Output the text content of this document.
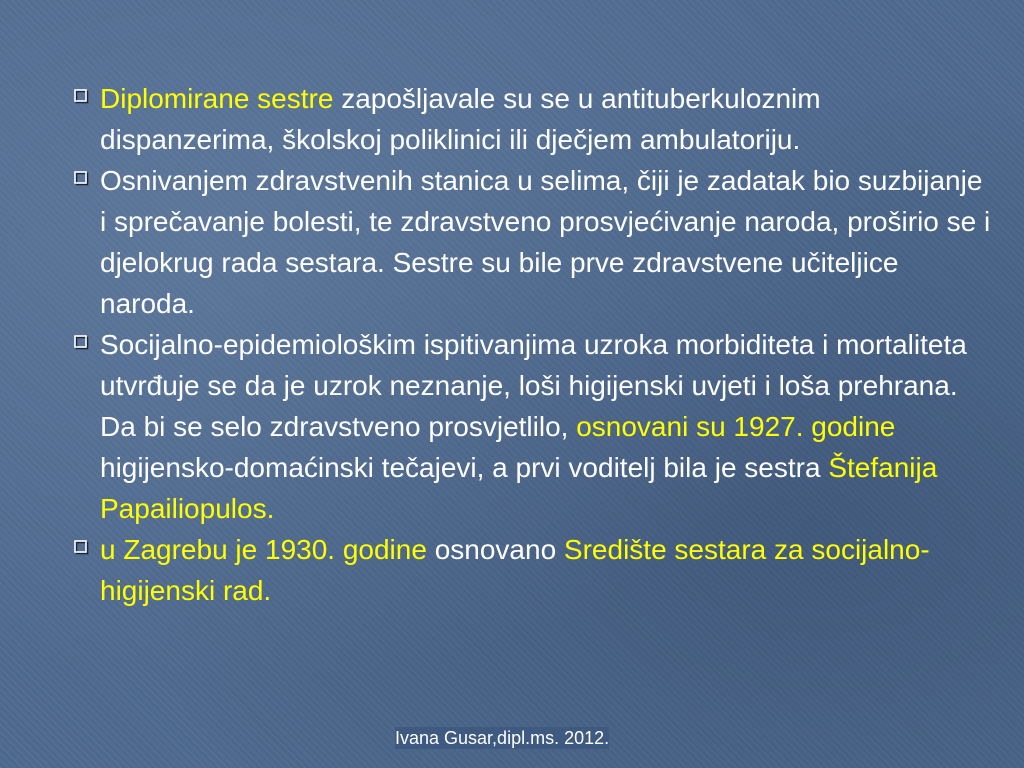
Diplomirane sestre zapošljavale su se u antituberkuloznim dispanzerima, školskoj poliklinici ili dječjem ambulatoriju.
Osnivanjem zdravstvenih stanica u selima, čiji je zadatak bio suzbijanje i sprečavanje bolesti, te zdravstveno prosvjećivanje naroda, proširio se i djelokrug rada sestara. Sestre su bile prve zdravstvene učiteljice naroda.
Socijalno-epidemiološkim ispitivanjima uzroka morbiditeta i mortaliteta utvrđuje se da je uzrok neznanje, loši higijenski uvjeti i loša prehrana. Da bi se selo zdravstveno prosvjetlilo, osnovani su 1927. godine higijensko-domaćinski tečajevi, a prvi voditelj bila je sestra Štefanija Papailiopulos.
u Zagrebu je 1930. godine osnovano Središte sestara za socijalno-higijenski rad.
Ivana Gusar,dipl.ms. 2012.
